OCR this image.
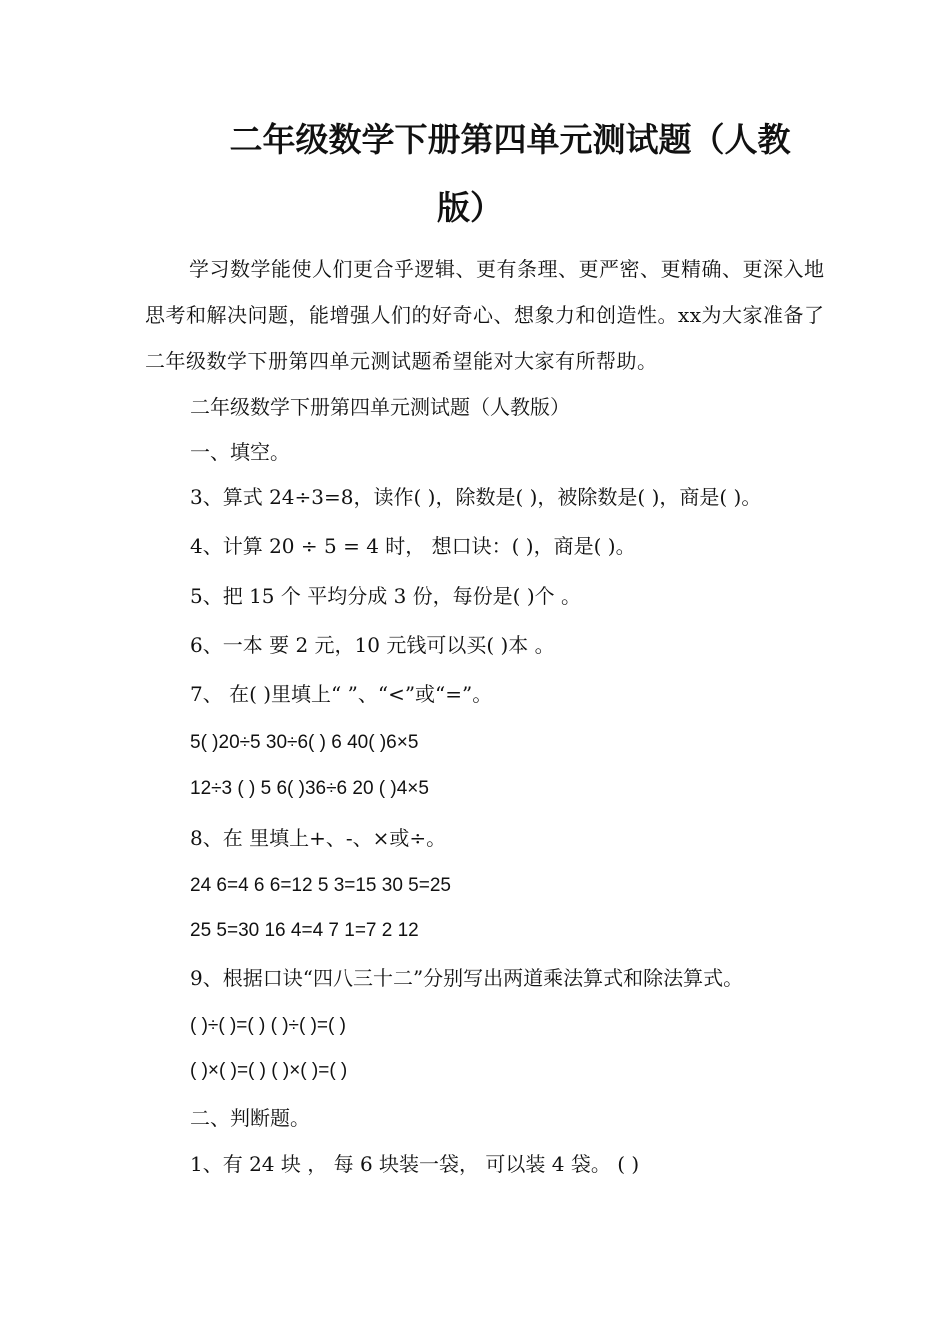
二年级数学下册第四单元测试题（人教
版）
学习数学能使人们更合乎逻辑、更有条理、更严密、更精确、更深入地思考和解决问题，能增强人们的好奇心、想象力和创造性。xx为大家准备了二年级数学下册第四单元测试题希望能对大家有所帮助。
二年级数学下册第四单元测试题（人教版）
一、填空。
3、算式 24÷3=8，读作( )，除数是( )，被除数是( )，商是( )。
4、计算 20 ÷ 5 = 4 时， 想口诀：( )，商是( )。
5、把 15 个 平均分成 3 份，每份是( )个 。
6、一本 要 2 元，10 元钱可以买( )本 。
7、 在( )里填上“ ”、“<”或“=”。
5( )20÷5 30÷6( ) 6 40( )6×5
12÷3 ( ) 5 6( )36÷6 20 ( )4×5
8、在 里填上+、-、×或÷。
24 6=4 6 6=12 5 3=15 30 5=25
25 5=30 16 4=4 7 1=7 2 12
9、根据口诀“四八三十二”分别写出两道乘法算式和除法算式。
( )÷( )=( ) ( )÷( )=( )
( )×( )=( ) ( )×( )=( )
二、判断题。
1、有 24 块 ， 每 6 块装一袋， 可以装 4 袋。 ( )
